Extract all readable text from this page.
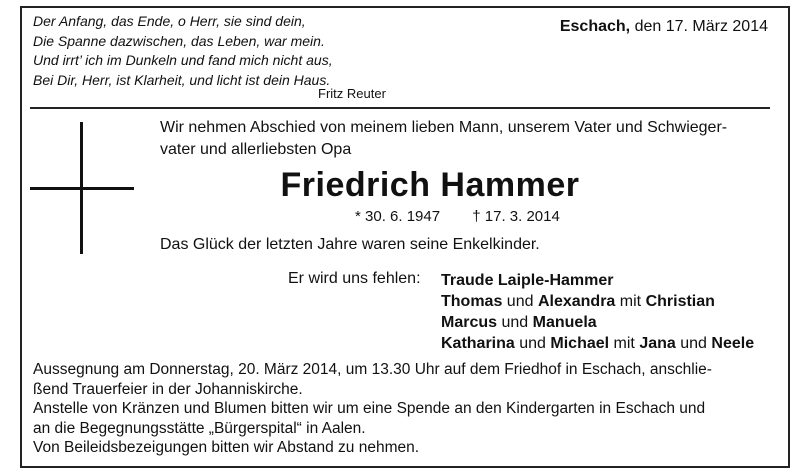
Der Anfang, das Ende, o Herr, sie sind dein,
Die Spanne dazwischen, das Leben, war mein.
Und irrt’ ich im Dunkeln und fand mich nicht aus,
Bei Dir, Herr, ist Klarheit, und licht ist dein Haus.
Fritz Reuter
Eschach, den 17. März 2014
Wir nehmen Abschied von meinem lieben Mann, unserem Vater und Schwieger-
vater und allerliebsten Opa
Friedrich Hammer
* 30. 6. 1947 † 17. 3. 2014
Das Glück der letzten Jahre waren seine Enkelkinder.
Er wird uns fehlen: Traude Laiple-Hammer
Thomas und Alexandra mit Christian
Marcus und Manuela
Katharina und Michael mit Jana und Neele
Aussegnung am Donnerstag, 20. März 2014, um 13.30 Uhr auf dem Friedhof in Eschach, anschlie-
ßend Trauerfeier in der Johanniskirche.
Anstelle von Kränzen und Blumen bitten wir um eine Spende an den Kindergarten in Eschach und
an die Begegnungsstätte „Bürgerspital“ in Aalen.
Von Beileidsbezeigungen bitten wir Abstand zu nehmen.
